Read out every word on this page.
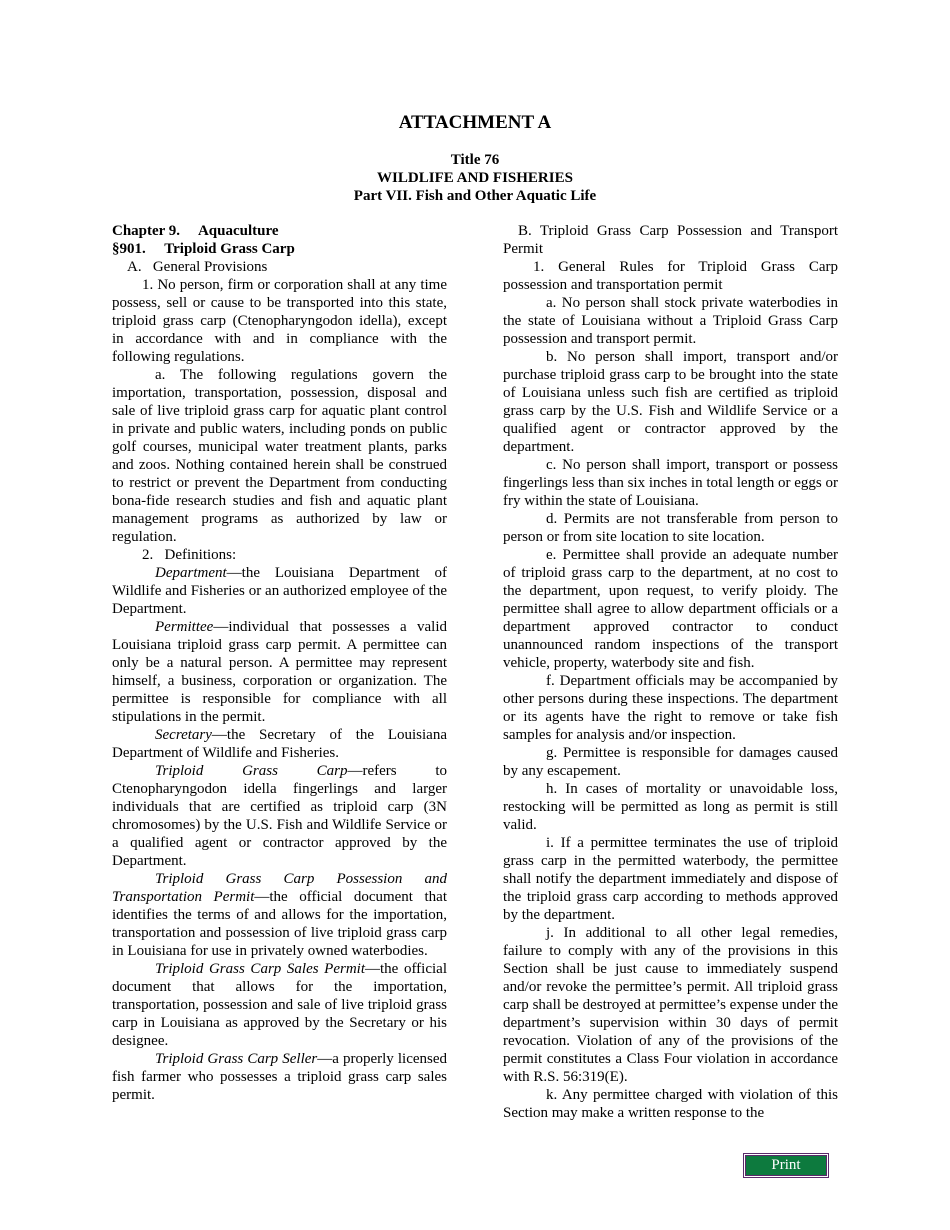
ATTACHMENT A
Title 76
WILDLIFE AND FISHERIES
Part VII. Fish and Other Aquatic Life

Chapter 9.     Aquaculture

§901.     Triploid Grass Carp

A.   General Provisions

1. No person, firm or corporation shall at any time possess, sell or cause to be transported into this state, triploid grass carp (Ctenopharyngodon idella), except in accordance with and in compliance with the following regulations.

a. The following regulations govern the importation, transportation, possession, disposal and sale of live triploid grass carp for aquatic plant control in private and public waters, including ponds on public golf courses, municipal water treatment plants, parks and zoos. Nothing contained herein shall be construed to restrict or prevent the Department from conducting bona-fide research studies and fish and aquatic plant management programs as authorized by law or regulation.

2.   Definitions:

Department—the Louisiana Department of Wildlife and Fisheries or an authorized employee of the Department.

Permittee—individual that possesses a valid Louisiana triploid grass carp permit. A permittee can only be a natural person. A permittee may represent himself, a business, corporation or organization. The permittee is responsible for compliance with all stipulations in the permit.

Secretary—the Secretary of the Louisiana Department of Wildlife and Fisheries.

Triploid Grass Carp—refers to Ctenopharyngodon idella fingerlings and larger individuals that are certified as triploid carp (3N chromosomes) by the U.S. Fish and Wildlife Service or a qualified agent or contractor approved by the Department.

Triploid Grass Carp Possession and Transportation Permit—the official document that identifies the terms of and allows for the importation, transportation and possession of live triploid grass carp in Louisiana for use in privately owned waterbodies.

Triploid Grass Carp Sales Permit—the official document that allows for the importation, transportation, possession and sale of live triploid grass carp in Louisiana as approved by the Secretary or his designee.

Triploid Grass Carp Seller—a properly licensed fish farmer who possesses a triploid grass carp sales permit.

B. Triploid Grass Carp Possession and Transport Permit

1. General Rules for Triploid Grass Carp possession and transportation permit

a. No person shall stock private waterbodies in the state of Louisiana without a Triploid Grass Carp possession and transport permit.

b. No person shall import, transport and/or purchase triploid grass carp to be brought into the state of Louisiana unless such fish are certified as triploid grass carp by the U.S. Fish and Wildlife Service or a qualified agent or contractor approved by the department.

c. No person shall import, transport or possess fingerlings less than six inches in total length or eggs or fry within the state of Louisiana.

d. Permits are not transferable from person to person or from site location to site location.

e. Permittee shall provide an adequate number of triploid grass carp to the department, at no cost to the department, upon request, to verify ploidy. The permittee shall agree to allow department officials or a department approved contractor to conduct unannounced random inspections of the transport vehicle, property, waterbody site and fish.

f. Department officials may be accompanied by other persons during these inspections. The department or its agents have the right to remove or take fish samples for analysis and/or inspection.

g. Permittee is responsible for damages caused by any escapement.

h. In cases of mortality or unavoidable loss, restocking will be permitted as long as permit is still valid.

i. If a permittee terminates the use of triploid grass carp in the permitted waterbody, the permittee shall notify the department immediately and dispose of the triploid grass carp according to methods approved by the department.

j. In additional to all other legal remedies, failure to comply with any of the provisions in this Section shall be just cause to immediately suspend and/or revoke the permittee’s permit. All triploid grass carp shall be destroyed at permittee’s expense under the department’s supervision within 30 days of permit revocation. Violation of any of the provisions of the permit constitutes a Class Four violation in accordance with R.S. 56:319(E).

k. Any permittee charged with violation of this Section may make a written response to the

Print
